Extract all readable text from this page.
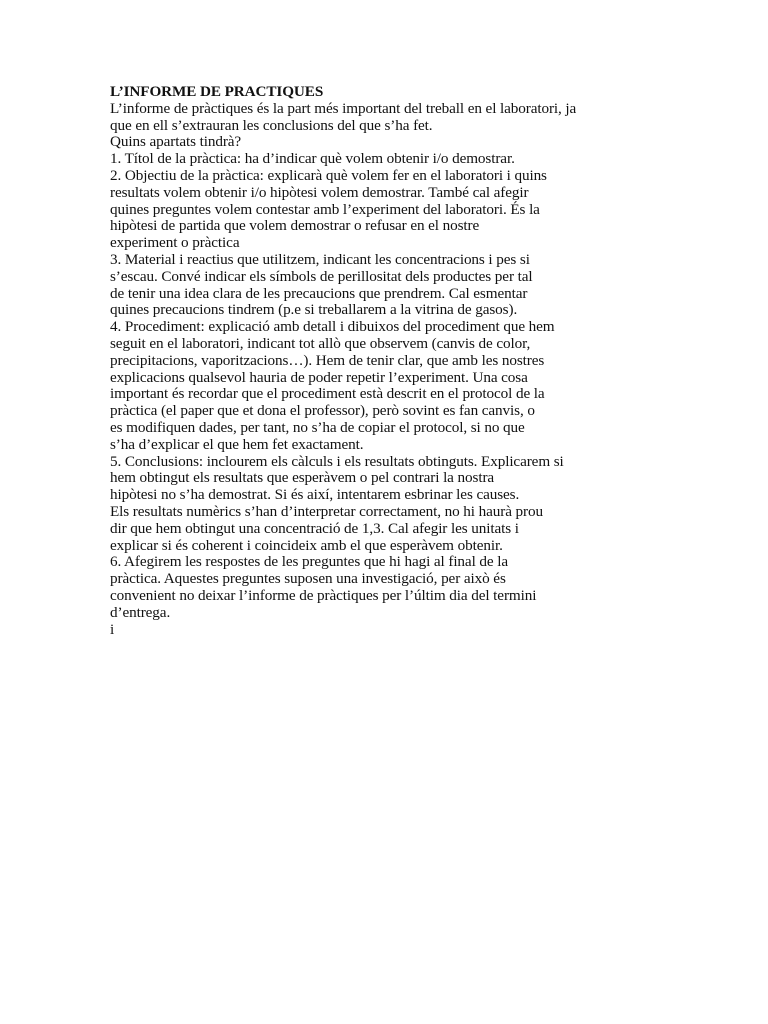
L’INFORME DE PRACTIQUES

L’informe de pràctiques és la part més important del treball en el laboratori, ja

que en ell s’extrauran les conclusions del que s’ha fet.

Quins apartats tindrà?

1. Títol de la pràctica: ha d’indicar què volem obtenir i/o demostrar.

2. Objectiu de la pràctica: explicarà què volem fer en el laboratori i quins

resultats volem obtenir i/o hipòtesi volem demostrar. També cal afegir

quines preguntes volem contestar amb l’experiment del laboratori. És la

hipòtesi de partida que volem demostrar o refusar en el nostre

experiment o pràctica

3. Material i reactius que utilitzem, indicant les concentracions i pes si

s’escau. Convé indicar els símbols de perillositat dels productes per tal

de tenir una idea clara de les precaucions que prendrem. Cal esmentar

quines precaucions tindrem (p.e si treballarem a la vitrina de gasos).

4. Procediment: explicació amb detall i dibuixos del procediment que hem

seguit en el laboratori, indicant tot allò que observem (canvis de color,

precipitacions, vaporitzacions…). Hem de tenir clar, que amb les nostres

explicacions qualsevol hauria de poder repetir l’experiment. Una cosa

important és recordar que el procediment està descrit en el protocol de la

pràctica (el paper que et dona el professor), però sovint es fan canvis, o

es modifiquen dades, per tant, no s’ha de copiar el protocol, si no que

s’ha d’explicar el que hem fet exactament.

5. Conclusions: inclourem els càlculs i els resultats obtinguts. Explicarem si

hem obtingut els resultats que esperàvem o pel contrari la nostra

hipòtesi no s’ha demostrat. Si és així, intentarem esbrinar les causes.

Els resultats numèrics s’han d’interpretar correctament, no hi haurà prou

dir que hem obtingut una concentració de 1,3. Cal afegir les unitats i

explicar si és coherent i coincideix amb el que esperàvem obtenir.

6. Afegirem les respostes de les preguntes que hi hagi al final de la

pràctica. Aquestes preguntes suposen una investigació, per això és

convenient no deixar l’informe de pràctiques per l’últim dia del termini

d’entrega.

i
